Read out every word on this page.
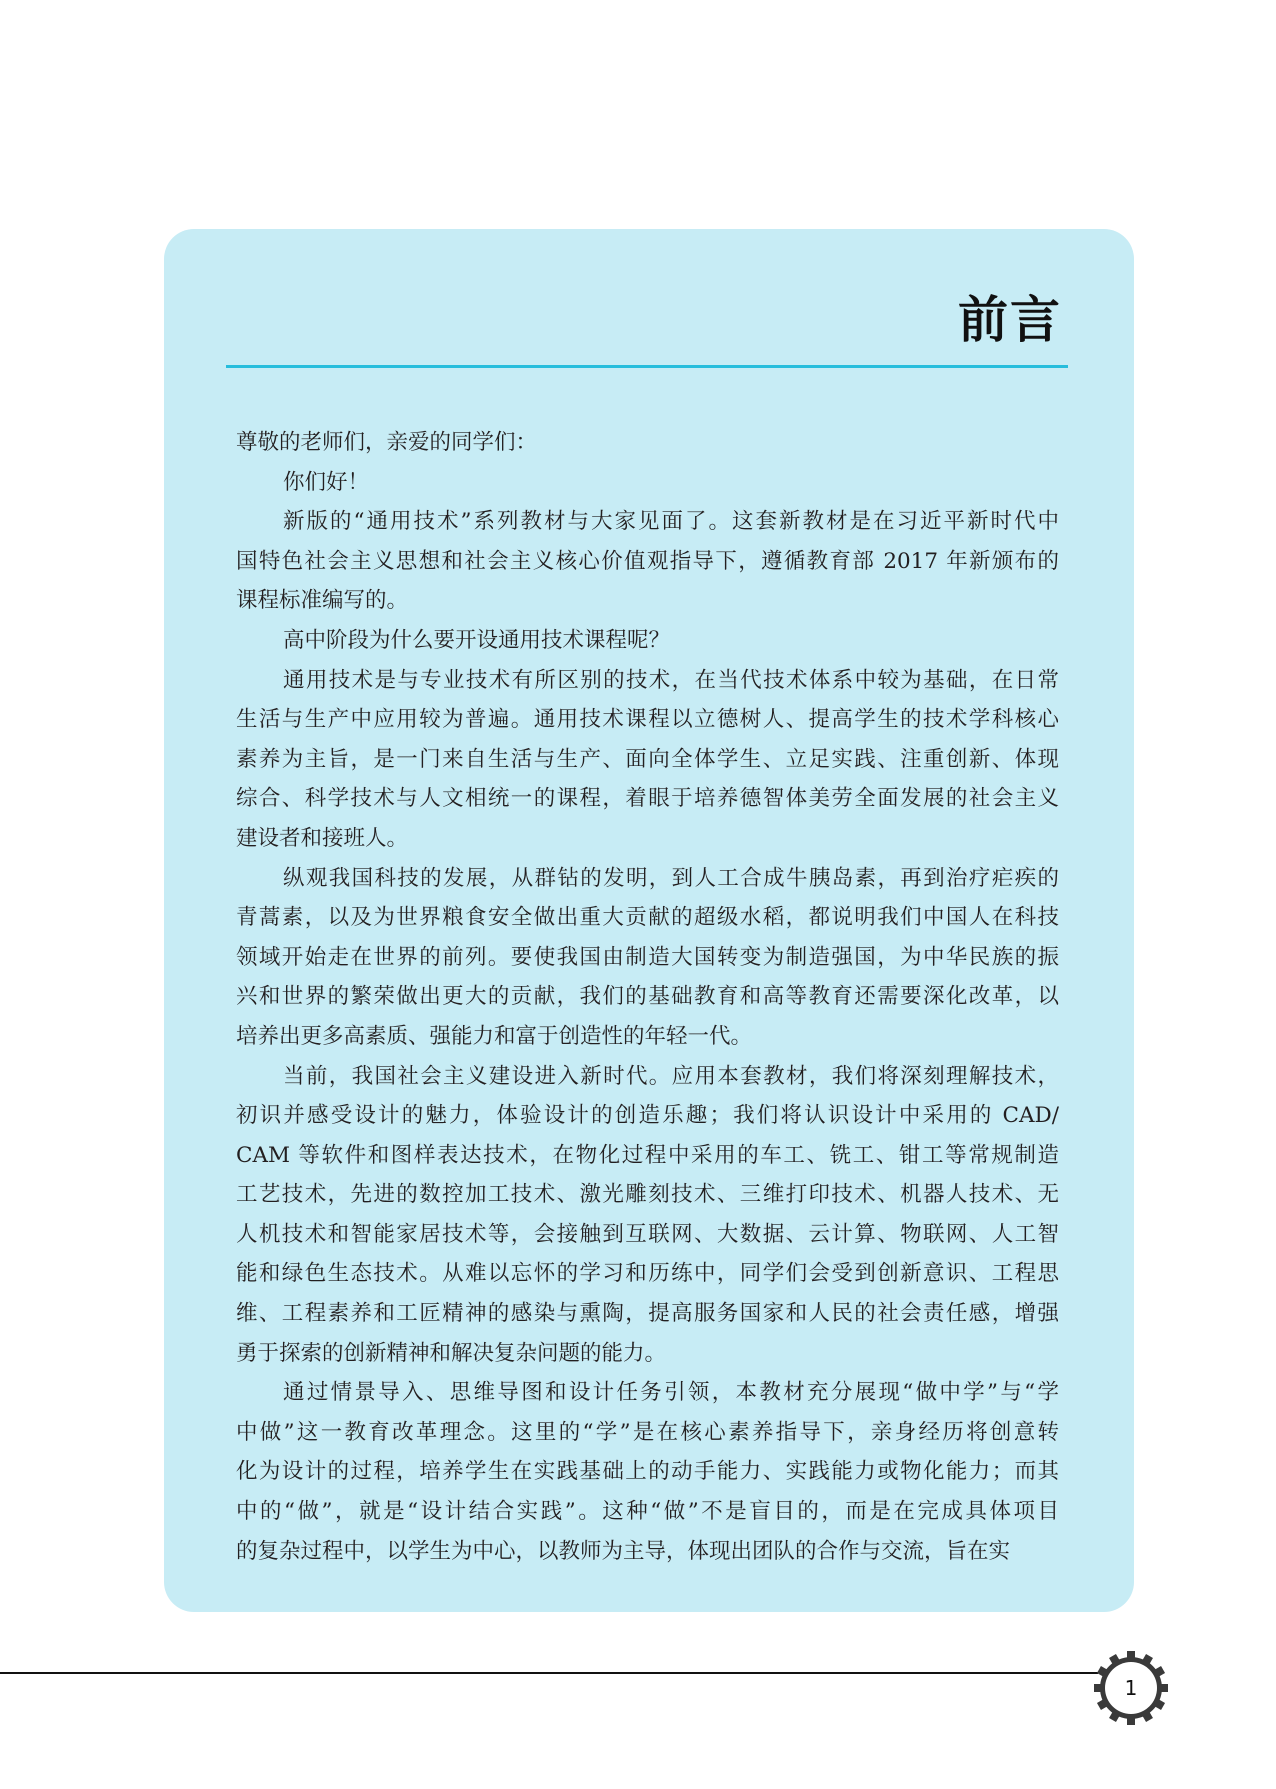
前言
尊敬的老师们，亲爱的同学们：
你们好！
新版的“通用技术”系列教材与大家见面了。这套新教材是在习近平新时代中
国特色社会主义思想和社会主义核心价值观指导下，遵循教育部 2017 年新颁布的
课程标准编写的。
高中阶段为什么要开设通用技术课程呢？
通用技术是与专业技术有所区别的技术，在当代技术体系中较为基础，在日常
生活与生产中应用较为普遍。通用技术课程以立德树人、提高学生的技术学科核心
素养为主旨，是一门来自生活与生产、面向全体学生、立足实践、注重创新、体现
综合、科学技术与人文相统一的课程，着眼于培养德智体美劳全面发展的社会主义
建设者和接班人。
纵观我国科技的发展，从群钻的发明，到人工合成牛胰岛素，再到治疗疟疾的
青蒿素，以及为世界粮食安全做出重大贡献的超级水稻，都说明我们中国人在科技
领域开始走在世界的前列。要使我国由制造大国转变为制造强国，为中华民族的振
兴和世界的繁荣做出更大的贡献，我们的基础教育和高等教育还需要深化改革，以
培养出更多高素质、强能力和富于创造性的年轻一代。
当前，我国社会主义建设进入新时代。应用本套教材，我们将深刻理解技术，
初识并感受设计的魅力，体验设计的创造乐趣；我们将认识设计中采用的 CAD/
CAM 等软件和图样表达技术，在物化过程中采用的车工、铣工、钳工等常规制造
工艺技术，先进的数控加工技术、激光雕刻技术、三维打印技术、机器人技术、无
人机技术和智能家居技术等，会接触到互联网、大数据、云计算、物联网、人工智
能和绿色生态技术。从难以忘怀的学习和历练中，同学们会受到创新意识、工程思
维、工程素养和工匠精神的感染与熏陶，提高服务国家和人民的社会责任感，增强
勇于探索的创新精神和解决复杂问题的能力。
通过情景导入、思维导图和设计任务引领，本教材充分展现“做中学”与“学
中做”这一教育改革理念。这里的“学”是在核心素养指导下，亲身经历将创意转
化为设计的过程，培养学生在实践基础上的动手能力、实践能力或物化能力；而其
中的“做”，就是“设计结合实践”。这种“做”不是盲目的，而是在完成具体项目
的复杂过程中，以学生为中心，以教师为主导，体现出团队的合作与交流，旨在实
1
